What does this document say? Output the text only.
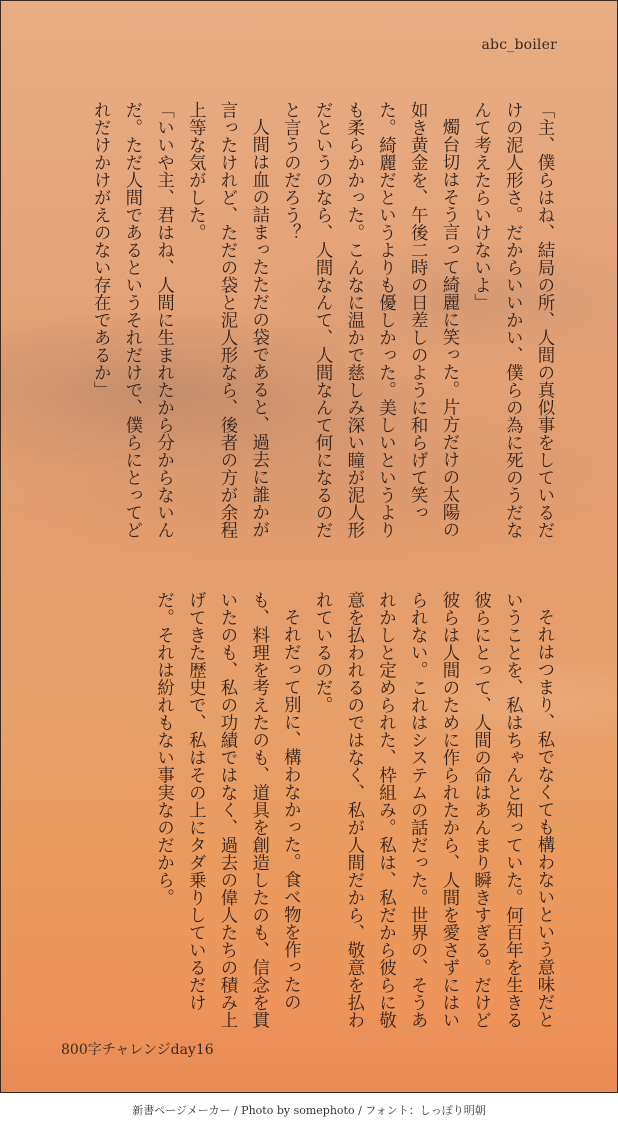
abc_boiler

「主、僕らはね、結局の所、人間の真似事をしているだけの泥人形さ。だからいいかい、僕らの為に死のうだなんて考えたらいけないよ」

燭台切はそう言って綺麗に笑った。片方だけの太陽の如き黄金を、午後二時の日差しのように和らげて笑った。綺麗だというよりも優しかった。美しいというよりも柔らかかった。こんなに温かで慈しみ深い瞳が泥人形だというのなら、人間なんて、人間なんて何になるのだと言うのだろう？

人間は血の詰まったただの袋であると、過去に誰かが言ったけれど、ただの袋と泥人形なら、後者の方が余程上等な気がした。

「いいや主、君はね、人間に生まれたから分からないんだ。ただ人間であるというそれだけで、僕らにとってどれだけかけがえのない存在であるか」

それはつまり、私でなくても構わないという意味だということを、私はちゃんと知っていた。何百年を生きる彼らにとって、人間の命はあんまり瞬きすぎる。だけど彼らは人間のために作られたから、人間を愛さずにはいられない。これはシステムの話だった。世界の、そうあれかしと定められた、枠組み。私は、私だから彼らに敬意を払われるのではなく、私が人間だから、敬意を払われているのだ。

それだって別に、構わなかった。食べ物を作ったのも、料理を考えたのも、道具を創造したのも、信念を貫いたのも、私の功績ではなく、過去の偉人たちの積み上げてきた歴史で、私はその上にタダ乗りしているだけだ。それは紛れもない事実なのだから。

800字チャレンジday16
新書ページメーカー / Photo by somephoto / フォント：しっぽり明朝
